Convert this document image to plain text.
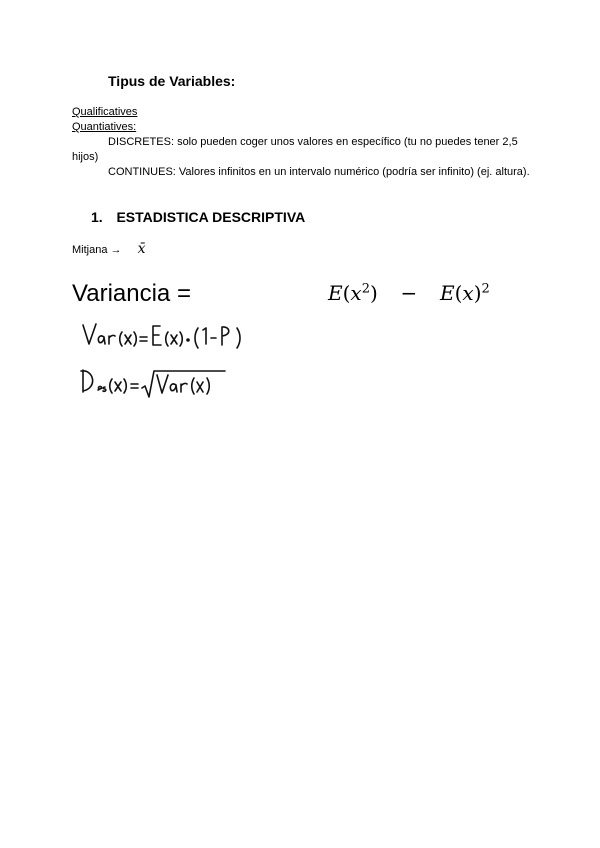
Tipus de Variables:
Qualificatives
Quantiatives:
DISCRETES: solo pueden coger unos valores en específico (tu no puedes tener 2,5 hijos)
CONTINUES: Valores infinitos en un intervalo numérico (podría ser infinito) (ej. altura).
1. ESTADISTICA DESCRIPTIVA
Mitjana → x̄
Variancia =	$E(x^2) - E(x)^2$
